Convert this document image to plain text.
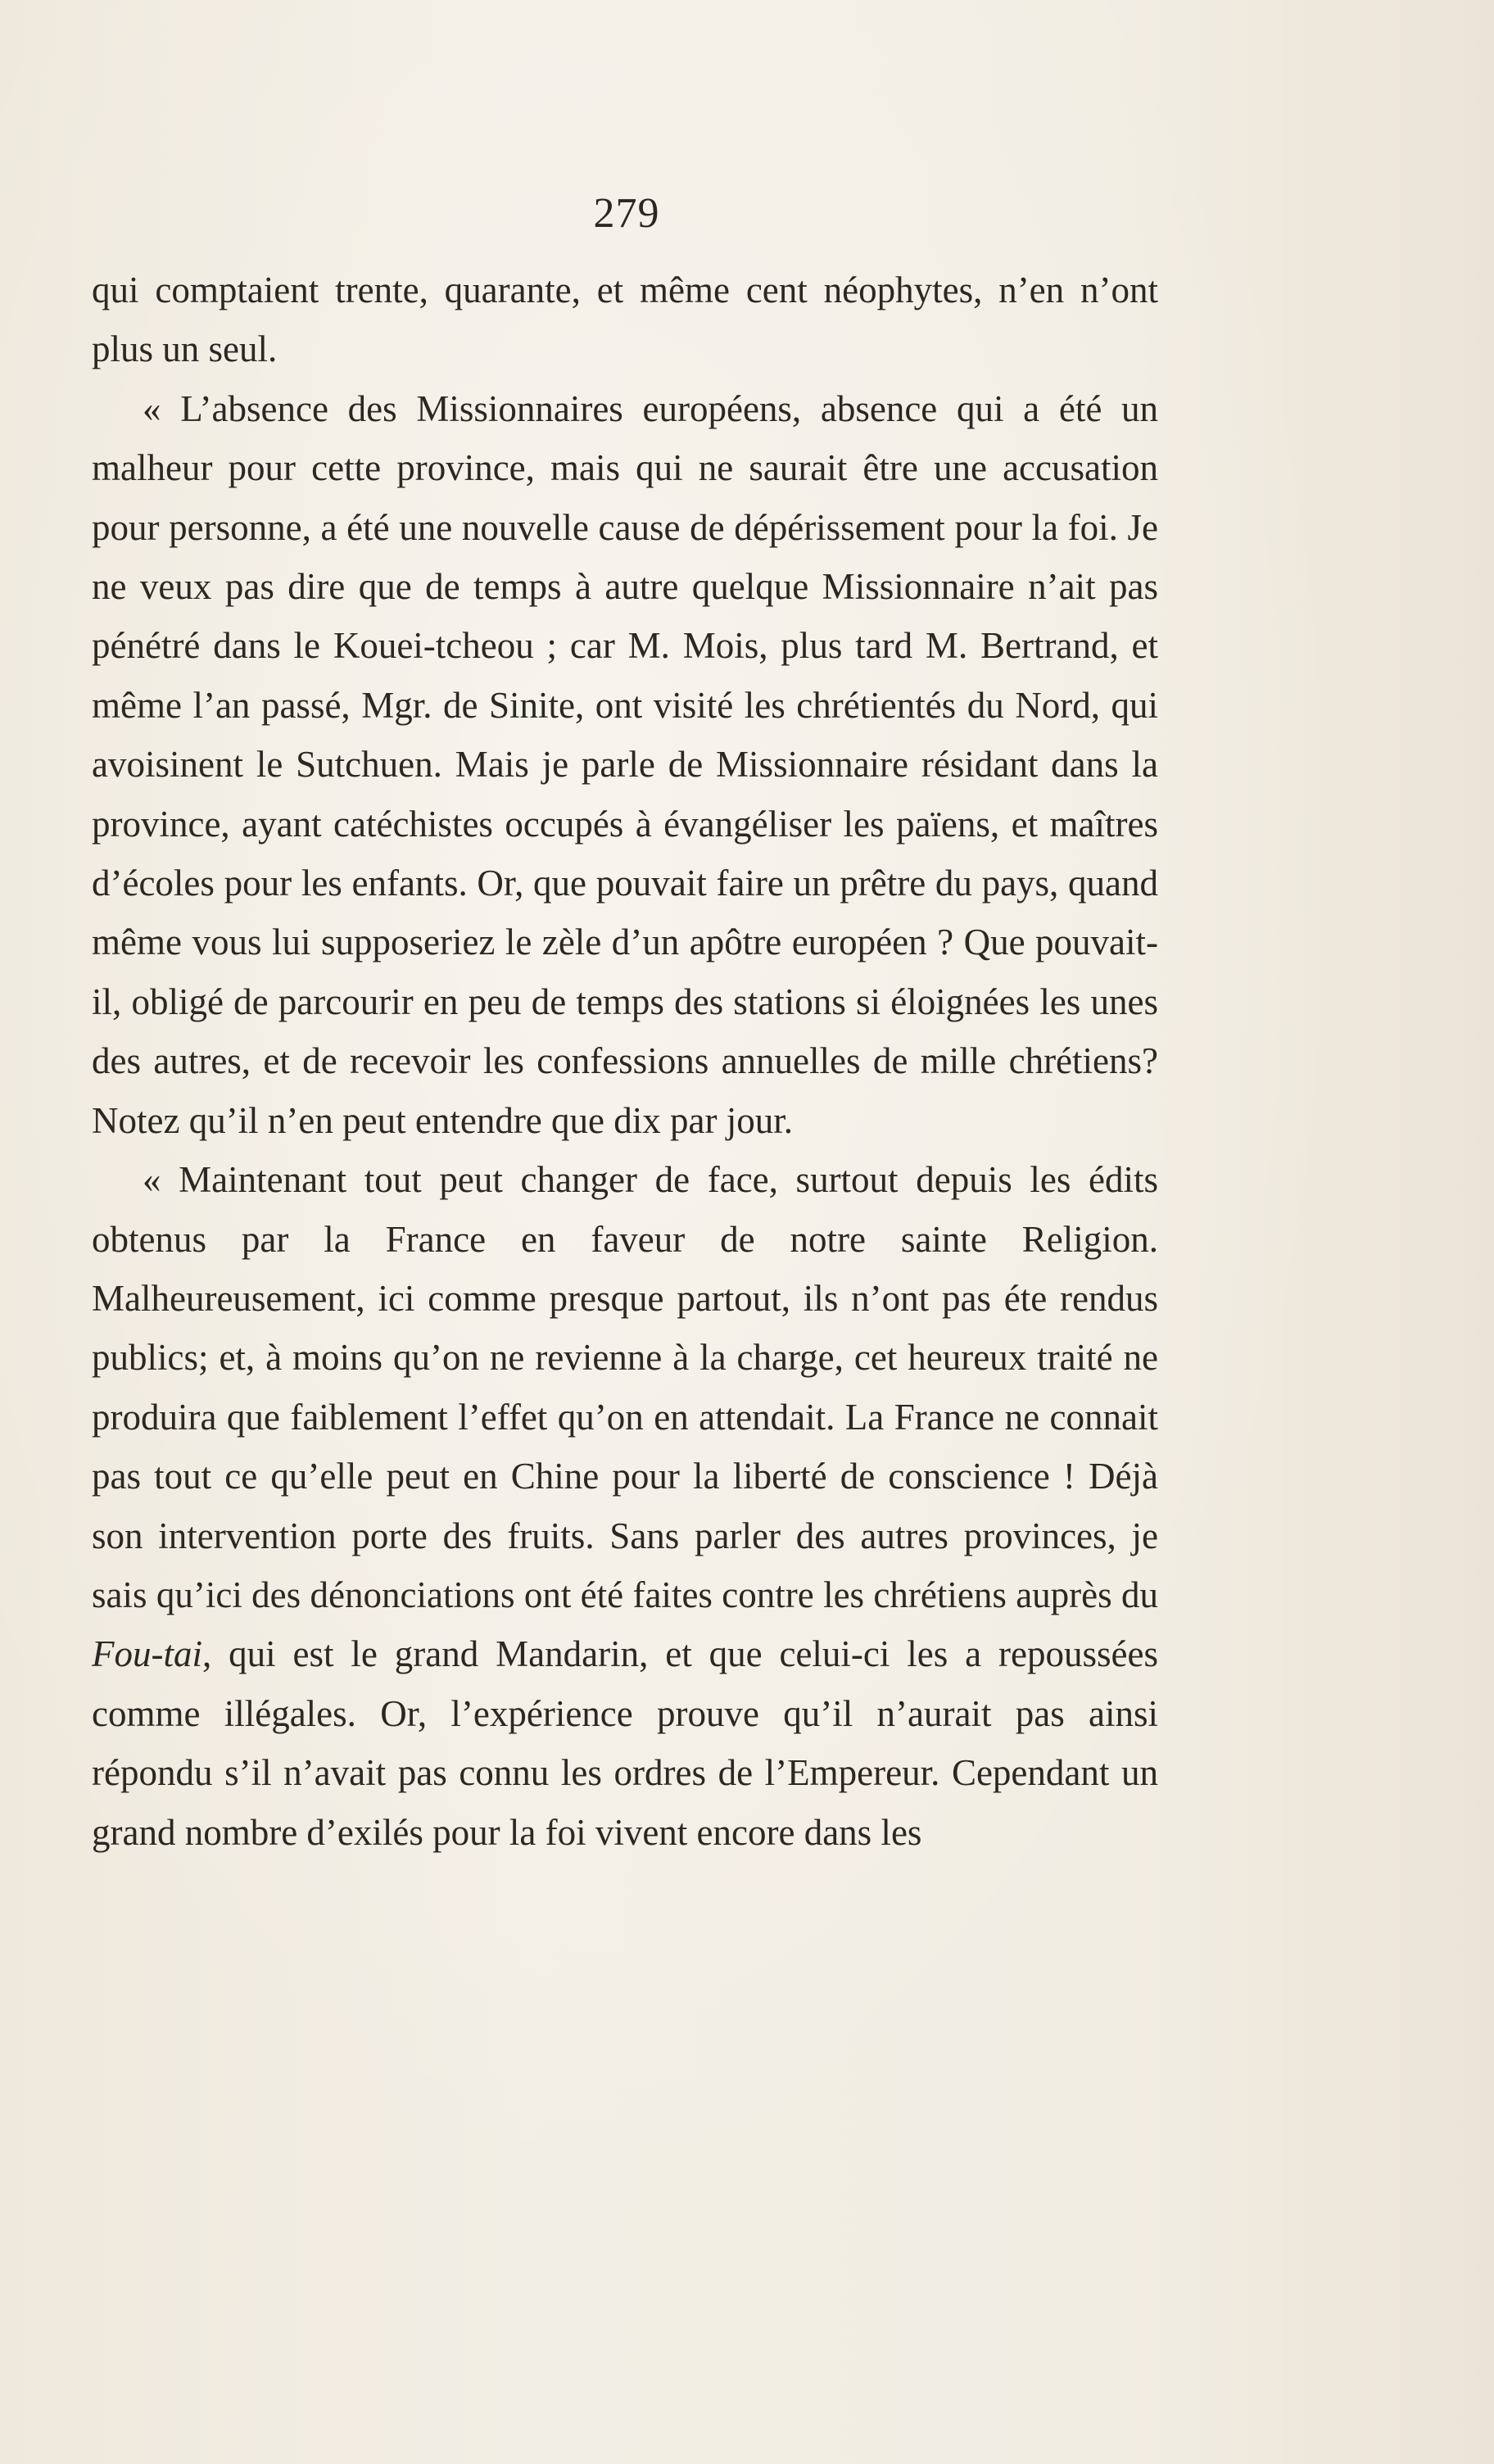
279

qui comptaient trente, quarante, et même cent néophytes, n’en n’ont plus un seul.

« L’absence des Missionnaires européens, absence qui a été un malheur pour cette province, mais qui ne saurait être une accusation pour personne, a été une nouvelle cause de dépérissement pour la foi. Je ne veux pas dire que de temps à autre quelque Missionnaire n’ait pas pénétré dans le Kouei-tcheou ; car M. Mois, plus tard M. Bertrand, et même l’an passé, Mgr. de Sinite, ont visité les chrétientés du Nord, qui avoisinent le Sutchuen. Mais je parle de Missionnaire résidant dans la province, ayant catéchistes occupés à évangéliser les païens, et maîtres d’écoles pour les enfants. Or, que pouvait faire un prêtre du pays, quand même vous lui supposeriez le zèle d’un apôtre européen ? Que pouvait-il, obligé de parcourir en peu de temps des stations si éloignées les unes des autres, et de recevoir les confessions annuelles de mille chrétiens? Notez qu’il n’en peut entendre que dix par jour.

« Maintenant tout peut changer de face, surtout depuis les édits obtenus par la France en faveur de notre sainte Religion. Malheureusement, ici comme presque partout, ils n’ont pas éte rendus publics; et, à moins qu’on ne revienne à la charge, cet heureux traité ne produira que faiblement l’effet qu’on en attendait. La France ne connait pas tout ce qu’elle peut en Chine pour la liberté de conscience ! Déjà son intervention porte des fruits. Sans parler des autres provinces, je sais qu’ici des dénonciations ont été faites contre les chrétiens auprès du Fou-tai, qui est le grand Mandarin, et que celui-ci les a repoussées comme illégales. Or, l’expérience prouve qu’il n’aurait pas ainsi répondu s’il n’avait pas connu les ordres de l’Empereur. Cependant un grand nombre d’exilés pour la foi vivent encore dans les
